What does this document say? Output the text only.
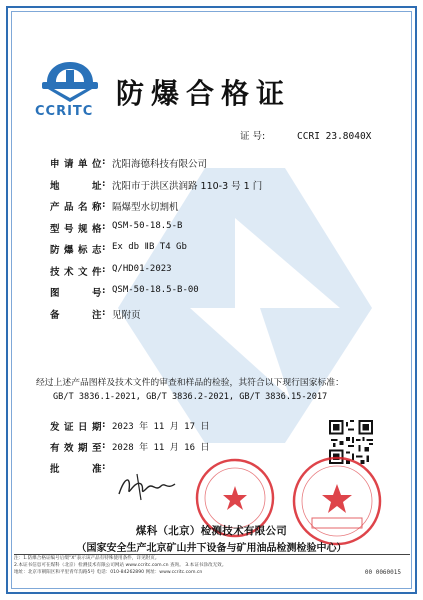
CCRITC
防爆合格证
证 号:	CCRI 23.8040X
申请单位 : 沈阳海德科技有限公司
地址 : 沈阳市于洪区洪润路 110-3 号 1 门
产品名称 : 隔爆型水切割机
型号规格 : QSM-50-18.5-B
防爆标志 : Ex db ⅡB T4 Gb
技术文件 : Q/HD01-2023
图号 : QSM-50-18.5-B-00
备注 : 见附页
经过上述产品图样及技术文件的审查和样品的检验，其符合以下现行国家标准：
GB/T 3836.1-2021, GB/T 3836.2-2021, GB/T 3836.15-2017
发证日期 : 2023 年 11 月 17 日
有效期至 : 2028 年 11 月 16 日
批准 :
煤科（北京）检测技术有限公司
（国家安全生产北京矿山井下设备与矿用油品检测检验中心）
注：1.防爆合格证编号后缀“X”表示该产品有特殊使用条件，详见附页。
2.本证书信息可在煤科（北京）检测技术有限公司网站 www.ccritc.com.cn 查询。 3.本证书涂改无效。
地址：北京市朝阳区和平里青年沟路5号 电话：010-84262890 网址：www.ccritc.com.cn	00 0060015
